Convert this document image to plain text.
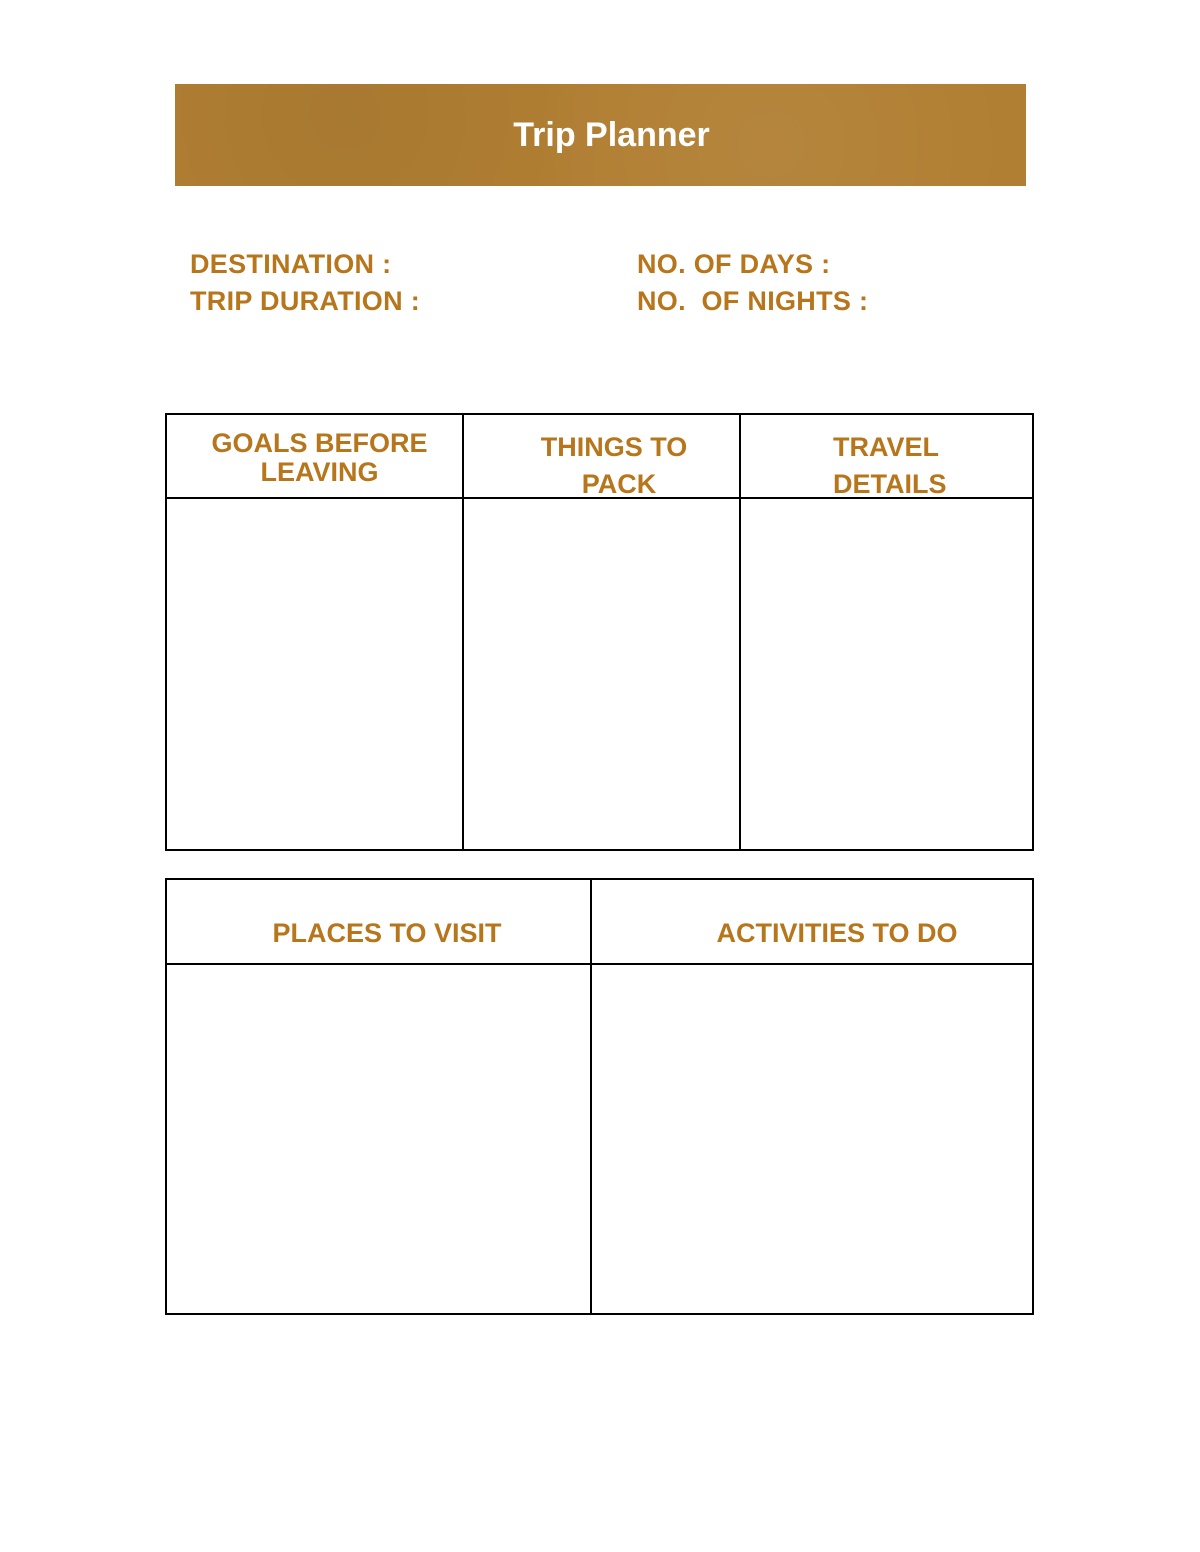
Trip Planner
DESTINATION :
TRIP DURATION :
NO. OF DAYS :
NO.  OF NIGHTS :
GOALS BEFORE
LEAVING
THINGS TO
PACK
TRAVEL
DETAILS
PLACES TO VISIT	ACTIVITIES TO DO
